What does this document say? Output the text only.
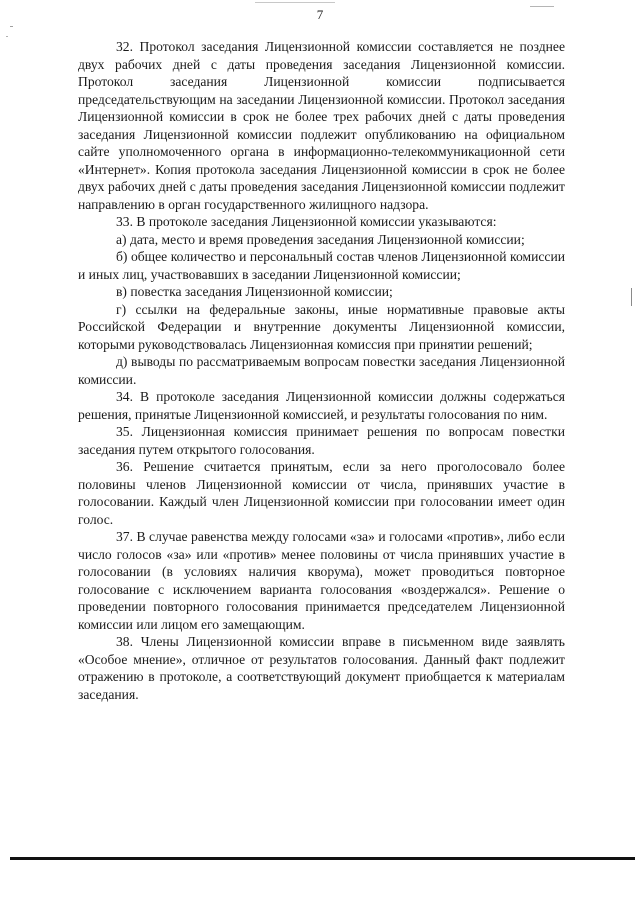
7

32. Протокол заседания Лицензионной комиссии составляется не позднее двух рабочих дней с даты проведения заседания Лицензионной комиссии. Протокол заседания Лицензионной комиссии подписывается председательствующим на заседании Лицензионной комиссии. Протокол заседания Лицензионной комиссии в срок не более трех рабочих дней с даты проведения заседания Лицензионной комиссии подлежит опубликованию на официальном сайте уполномоченного органа в информационно-телекоммуникационной сети «Интернет». Копия протокола заседания Лицензионной комиссии в срок не более двух рабочих дней с даты проведения заседания Лицензионной комиссии подлежит направлению в орган государственного жилищного надзора.

33. В протоколе заседания Лицензионной комиссии указываются:

а) дата, место и время проведения заседания Лицензионной комиссии;

б) общее количество и персональный состав членов Лицензионной комиссии и иных лиц, участвовавших в заседании Лицензионной комиссии;

в) повестка заседания Лицензионной комиссии;

г) ссылки на федеральные законы, иные нормативные правовые акты Российской Федерации и внутренние документы Лицензионной комиссии, которыми руководствовалась Лицензионная комиссия при принятии решений;

д) выводы по рассматриваемым вопросам повестки заседания Лицензионной комиссии.

34. В протоколе заседания Лицензионной комиссии должны содержаться решения, принятые Лицензионной комиссией, и результаты голосования по ним.

35. Лицензионная комиссия принимает решения по вопросам повестки заседания путем открытого голосования.

36. Решение считается принятым, если за него проголосовало более половины членов Лицензионной комиссии от числа, принявших участие в голосовании. Каждый член Лицензионной комиссии при голосовании имеет один голос.

37. В случае равенства между голосами «за» и голосами «против», либо если число голосов «за» или «против» менее половины от числа принявших участие в голосовании (в условиях наличия кворума), может проводиться повторное голосование с исключением варианта голосования «воздержался». Решение о проведении повторного голосования принимается председателем Лицензионной комиссии или лицом его замещающим.

38. Члены Лицензионной комиссии вправе в письменном виде заявлять «Особое мнение», отличное от результатов голосования. Данный факт подлежит отражению в протоколе, а соответствующий документ приобщается к материалам заседания.
